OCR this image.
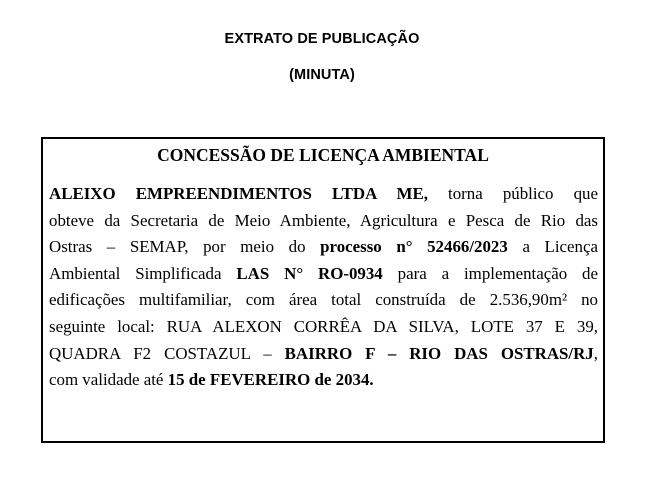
EXTRATO DE PUBLICAÇÃO
(MINUTA)
CONCESSÃO DE LICENÇA AMBIENTAL
ALEIXO EMPREENDIMENTOS LTDA ME, torna público que
obteve da Secretaria de Meio Ambiente, Agricultura e Pesca de Rio das
Ostras – SEMAP, por meio do processo n° 52466/2023 a Licença
Ambiental Simplificada LAS N° RO-0934 para a implementação de
edificações multifamiliar, com área total construída de 2.536,90m² no
seguinte local: RUA ALEXON CORRÊA DA SILVA, LOTE 37 E 39,
QUADRA F2 COSTAZUL – BAIRRO F – RIO DAS OSTRAS/RJ,
com validade até 15 de FEVEREIRO de 2034.
